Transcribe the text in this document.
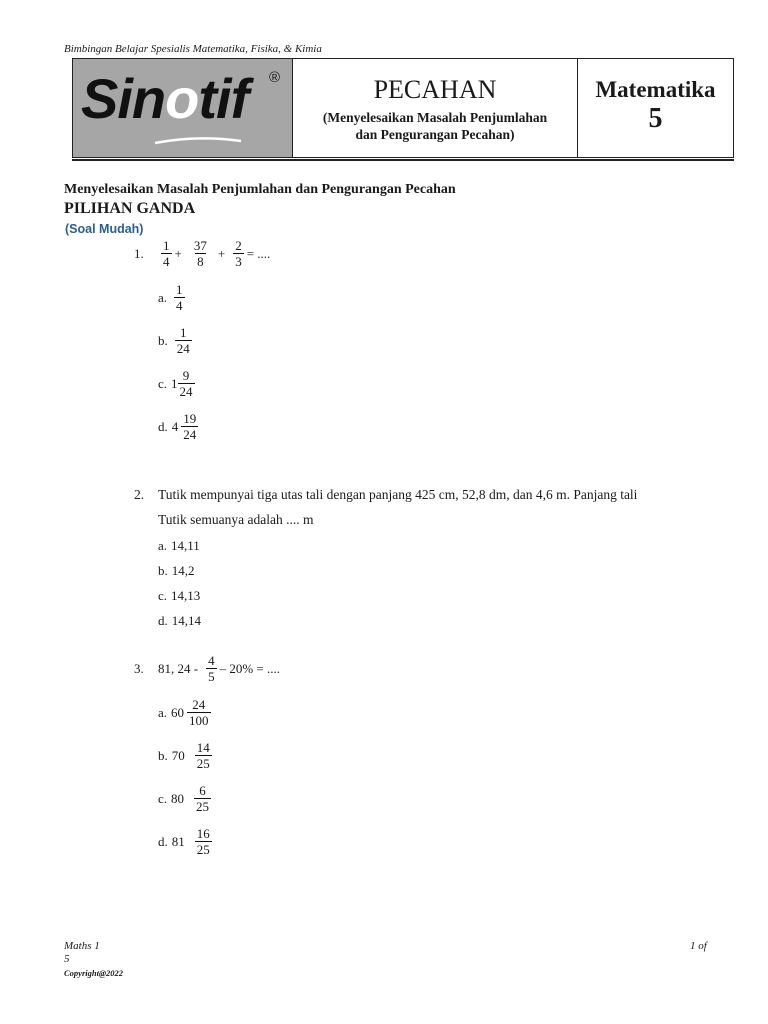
Bimbingan Belajar Spesialis Matematika, Fisika, & Kimia
Sinotif ®	PECAHAN
(Menyelesaikan Masalah Penjumlahan
dan Pengurangan Pecahan)
Matematika
5
Menyelesaikan Masalah Penjumlahan dan Pengurangan Pecahan
PILIHAN GANDA
(Soal Mudah)
1.	$\frac{1}{4} + \frac{37}{8} + \frac{2}{3}$ = ....
a. $\frac{1}{4}$
b. $\frac{1}{24}$
c. $1 \frac{9}{24}$
d. $4 \frac{19}{24}$
2. Tutik mempunyai tiga utas tali dengan panjang 425 cm, 52,8 dm, dan 4,6 m. Panjang tali
Tutik semuanya adalah .... m
a. 14,11
b. 14,2
c. 14,13
d. 14,14
3.	81, $24 - \frac{4}{5} - 20\%$ = ....
a. $60 \frac{24}{100}$
b. $70 \frac{14}{25}$
c. $80 \frac{6}{25}$
d. $81 \frac{16}{25}$
Maths 1
5
Copyright@2022
1 of
